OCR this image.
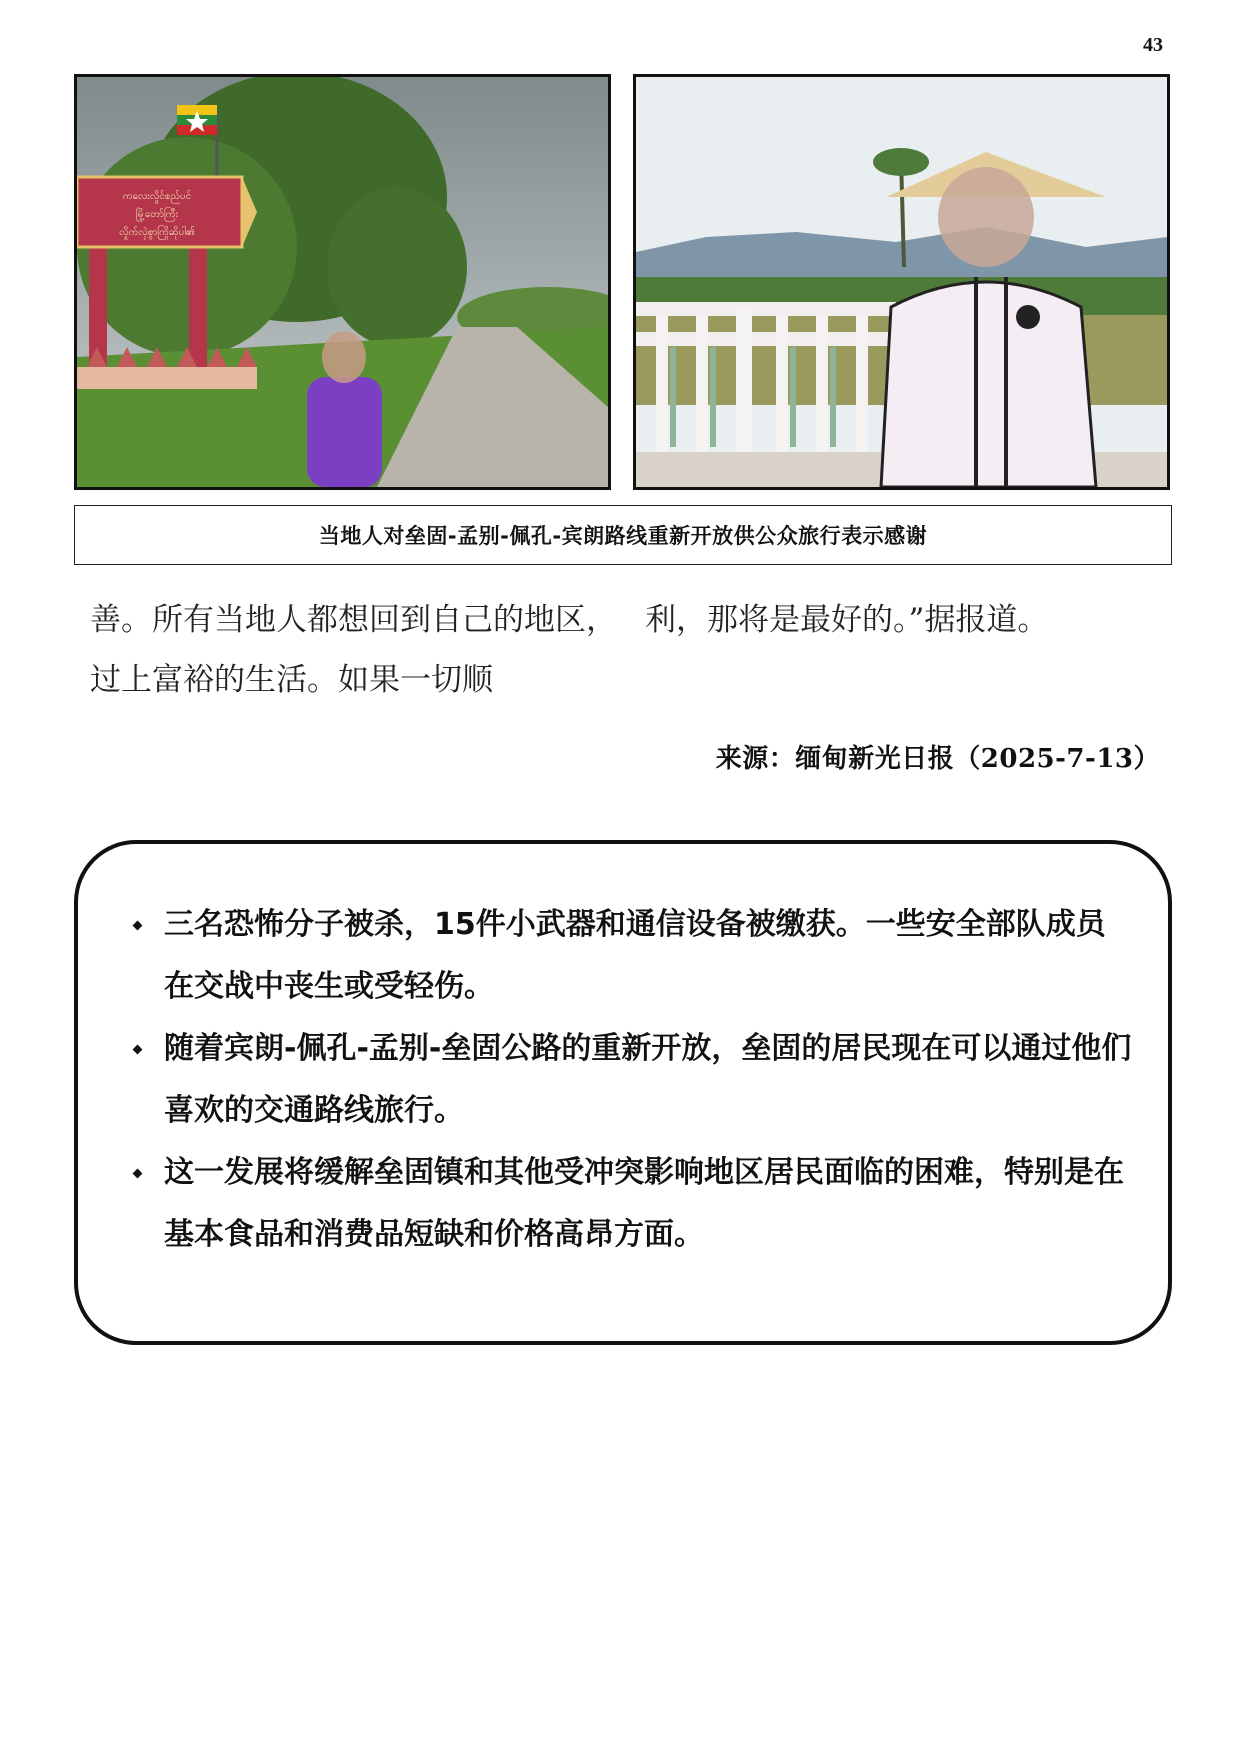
43
ကလေးလှိုင်စည်ပင်
မြို့တော်ကြီး
လှိုက်လှဲစွာကြိုဆိုပါ၏
当地人对垒固-孟别-佩孔-宾朗路线重新开放供公众旅行表示感谢
善。所有当地人都想回到自己的地区，过上富裕的生活。如果一切顺
利，那将是最好的。”据报道。
来源：缅甸新光日报（2025-7-13）
三名恐怖分子被杀，15件小武器和通信设备被缴获。一些安全部队成员在交战中丧生或受轻伤。
随着宾朗-佩孔-孟别-垒固公路的重新开放，垒固的居民现在可以通过他们喜欢的交通路线旅行。
这一发展将缓解垒固镇和其他受冲突影响地区居民面临的困难，特别是在基本食品和消费品短缺和价格高昂方面。
